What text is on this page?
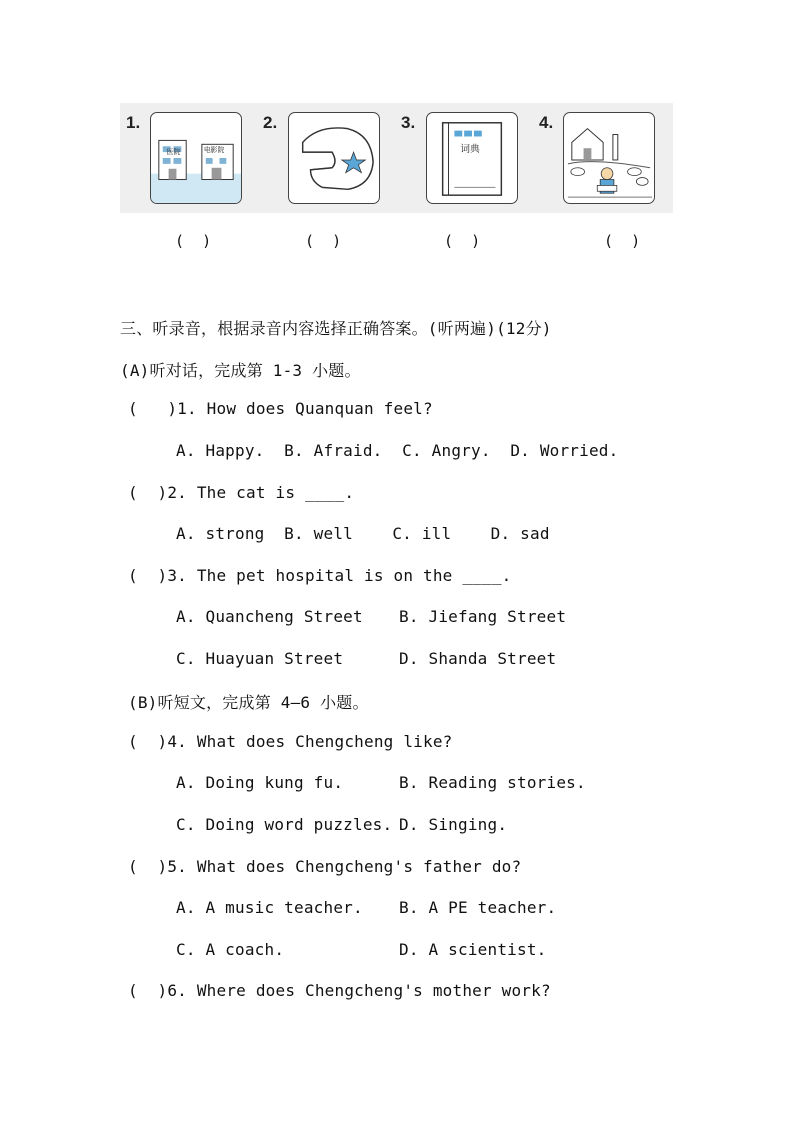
1.
医院	电影院
2.	3.
词典
4.
(  )	(  )	(  )	(  )
三、听录音，根据录音内容选择正确答案。(听两遍)(12分)
(A)听对话，完成第 1-3 小题。
(   )1. How does Quanquan feel?
A. Happy.  B. Afraid.  C. Angry.  D. Worried.
(  )2. The cat is ____.
A. strong  B. well    C. ill    D. sad
(  )3. The pet hospital is on the ____.
A. Quancheng Street B. Jiefang Street
C. Huayuan Street	D. Shanda Street
(B)听短文，完成第 4—6 小题。
(  )4. What does Chengcheng like?
A. Doing kung fu.	B. Reading stories.
C. Doing word puzzles. D. Singing.
(  )5. What does Chengcheng's father do?
A. A music teacher. B. A PE teacher.
C. A coach.	D. A scientist.
(  )6. Where does Chengcheng's mother work?
